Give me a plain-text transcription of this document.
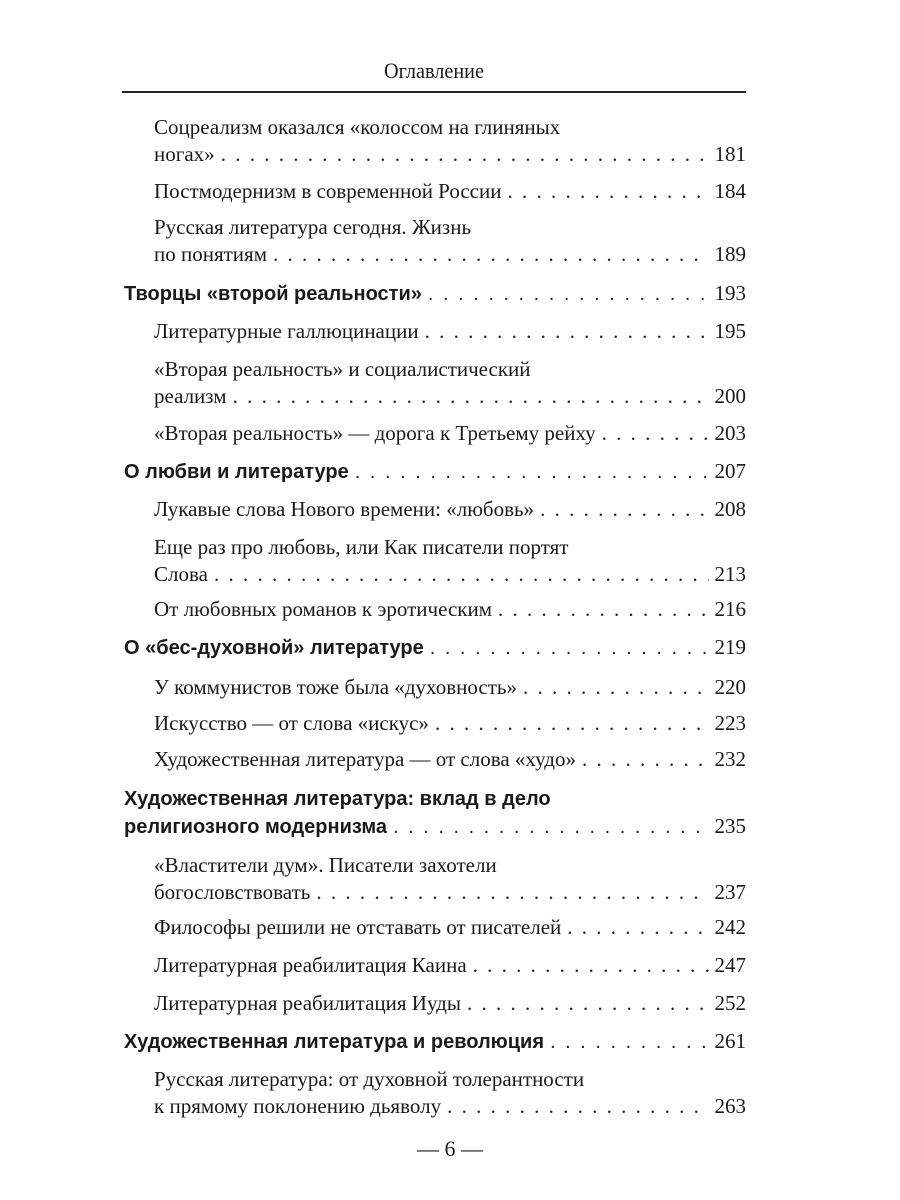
Оглавление
Соцреализм оказался «колоссом на глиняных
ногах» . . .	181
Постмодернизм в современной России . . .	184
Русская литература сегодня. Жизнь
по понятиям . . .	189
Творцы «второй реальности» . . .	193
Литературные галлюцинации . . .	195
«Вторая реальность» и социалистический
реализм . . .	200
«Вторая реальность» — дорога к Третьему рейху . . .	203
О любви и литературе . . .	207
Лукавые слова Нового времени: «любовь» . . .	208
Еще раз про любовь, или Как писатели портят
Слова . . .	213
От любовных романов к эротическим . . .	216
О «бес-духовной» литературе . . .	219
У коммунистов тоже была «духовность» . . .	220
Искусство — от слова «искус» . . .	223
Художественная литература — от слова «худо» . . .	232
Художественная литература: вклад в дело
религиозного модернизма . . .	235
«Властители дум». Писатели захотели
богословствовать . . .	237
Философы решили не отставать от писателей . . .	242
Литературная реабилитация Каина . . .	247
Литературная реабилитация Иуды . . .	252
Художественная литература и революция . . .	261
Русская литература: от духовной толерантности
к прямому поклонению дьяволу . . .	263
— 6 —
